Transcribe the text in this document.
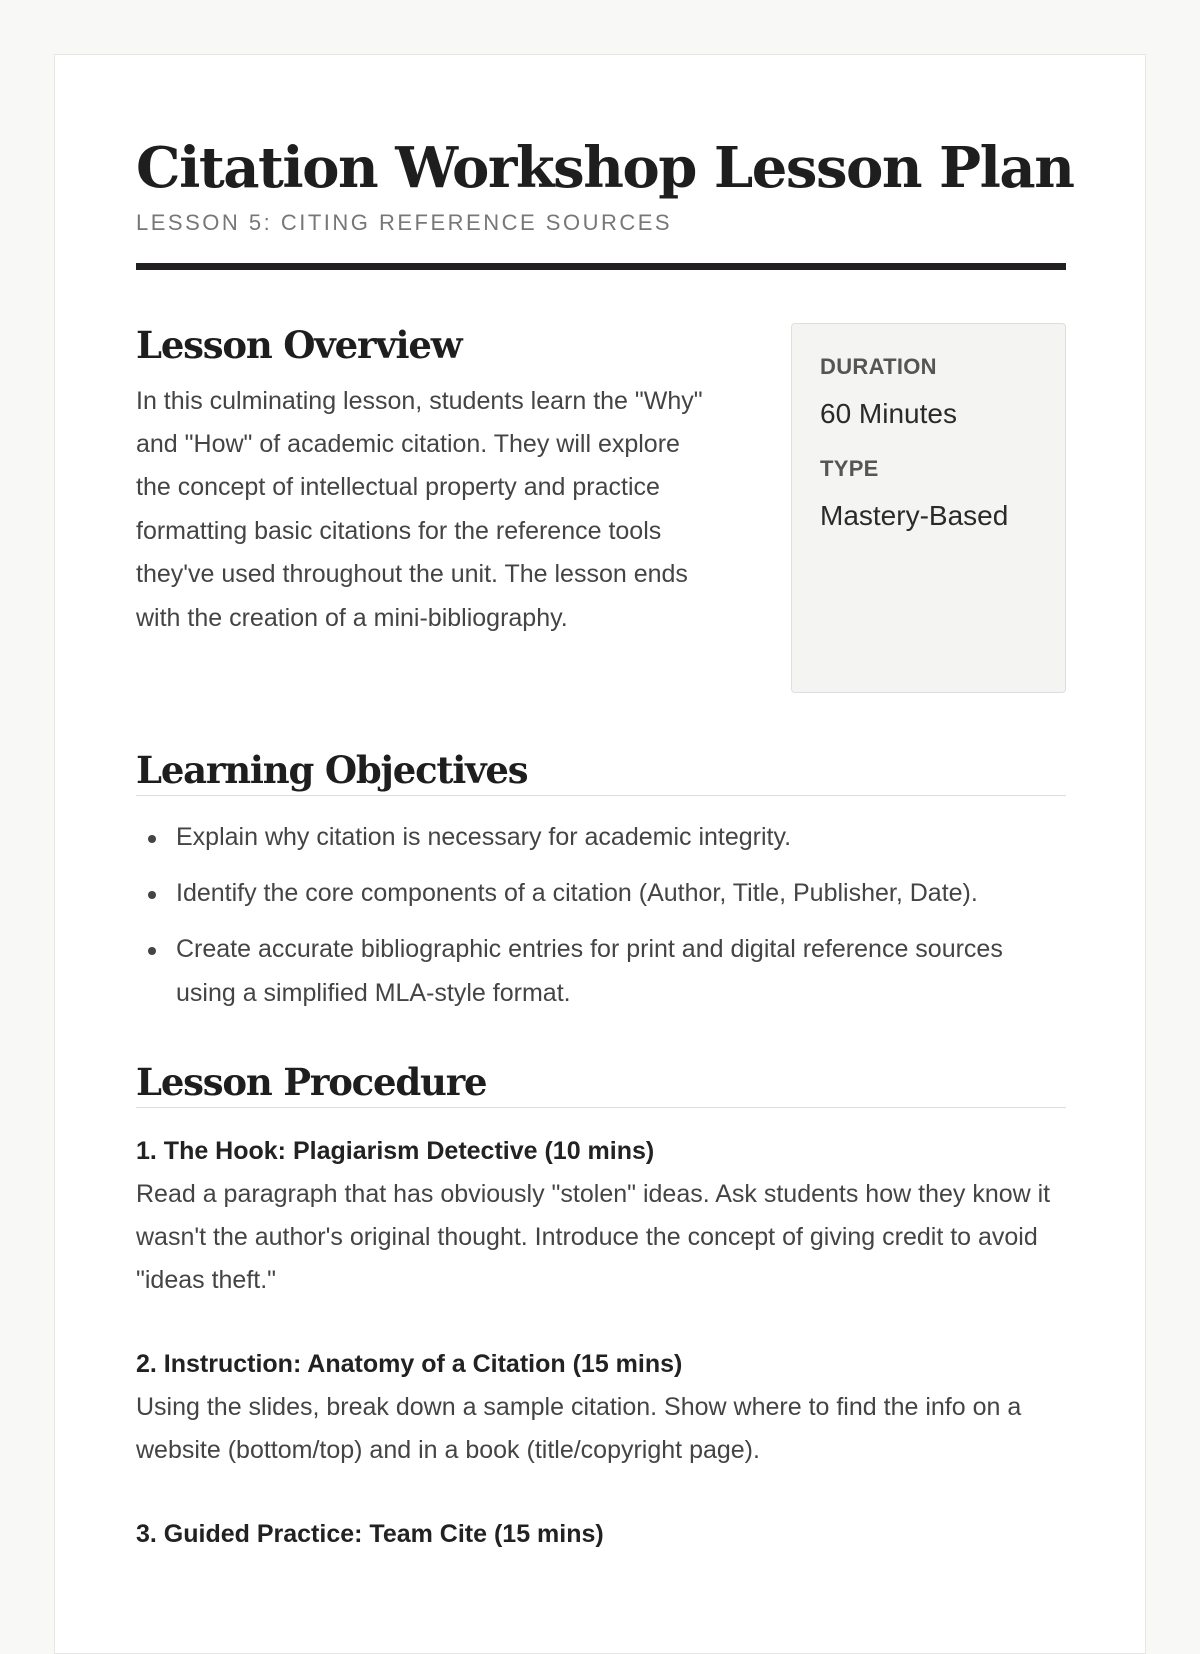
Citation Workshop Lesson Plan
LESSON 5: CITING REFERENCE SOURCES
Lesson Overview
In this culminating lesson, students learn the "Why" and "How" of academic citation. They will explore the concept of intellectual property and practice formatting basic citations for the reference tools they've used throughout the unit. The lesson ends with the creation of a mini-bibliography.
DURATION
60 Minutes
TYPE
Mastery-Based
Learning Objectives
Explain why citation is necessary for academic integrity.
Identify the core components of a citation (Author, Title, Publisher, Date).
Create accurate bibliographic entries for print and digital reference sources using a simplified MLA-style format.
Lesson Procedure
1. The Hook: Plagiarism Detective (10 mins)
Read a paragraph that has obviously "stolen" ideas. Ask students how they know it wasn't the author's original thought. Introduce the concept of giving credit to avoid "ideas theft."
2. Instruction: Anatomy of a Citation (15 mins)
Using the slides, break down a sample citation. Show where to find the info on a website (bottom/top) and in a book (title/copyright page).
3. Guided Practice: Team Cite (15 mins)
